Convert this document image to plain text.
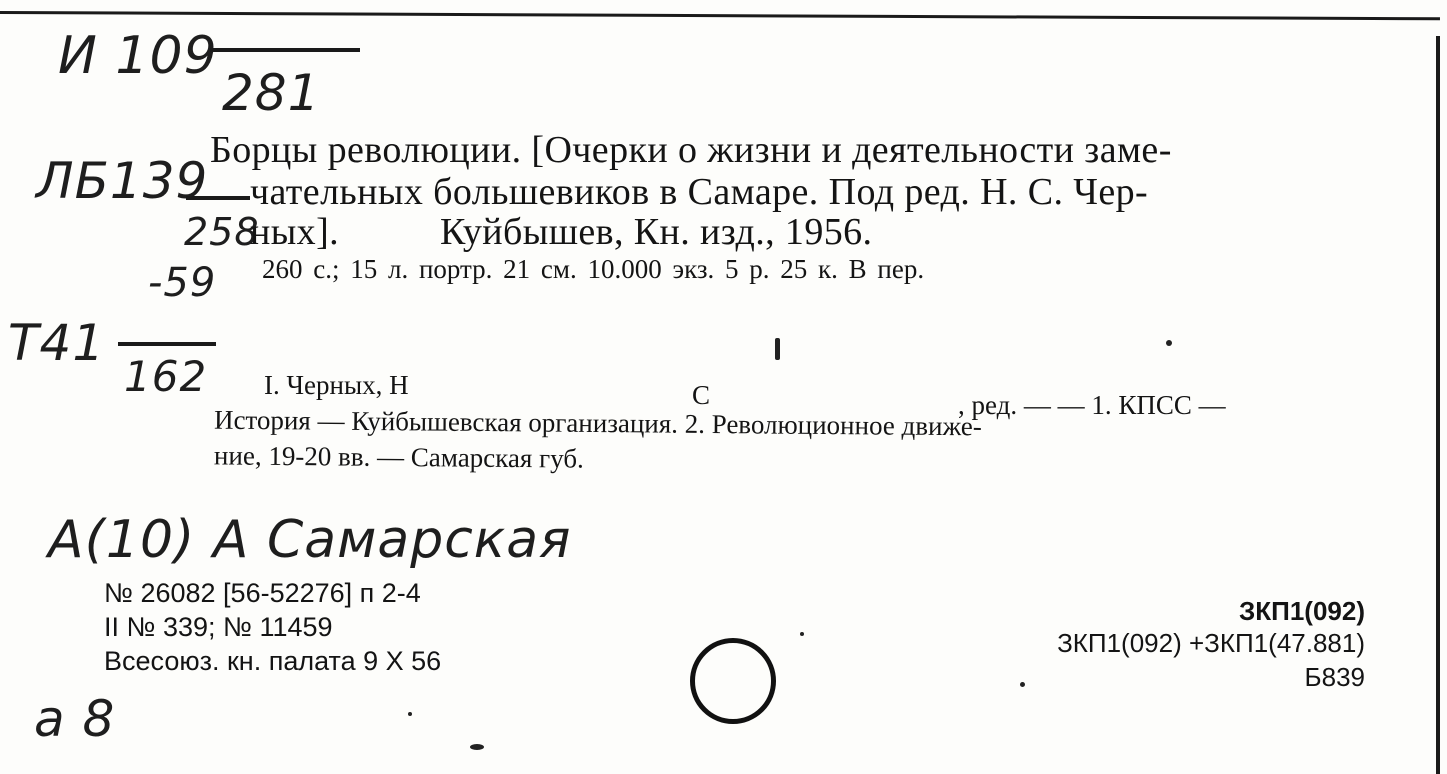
И 109
281
ЛБ139
258
-59
Т41
162
Борцы революции. [Очерки о жизни и деятельности заме-
чательных большевиков в Самаре. Под ред. Н. С. Чер-
ных].	Куйбышев, Кн. изд., 1956.
260 с.; 15 л. портр. 21 см. 10.000 экз. 5 р. 25 к. В пер.
I. Черных, Н	С	, ред. — — 1. КПСС —
История — Куйбышевская организация. 2. Революционное движе-
ние, 19-20 вв. — Самарская губ.
А(10) А Самарская
№ 26082 [56-52276] п 2-4
II № 339; № 11459
Всесоюз. кн. палата 9 Х 56
ЗКП1(092)
ЗКП1(092) +ЗКП1(47.881)
Б839
а 8
